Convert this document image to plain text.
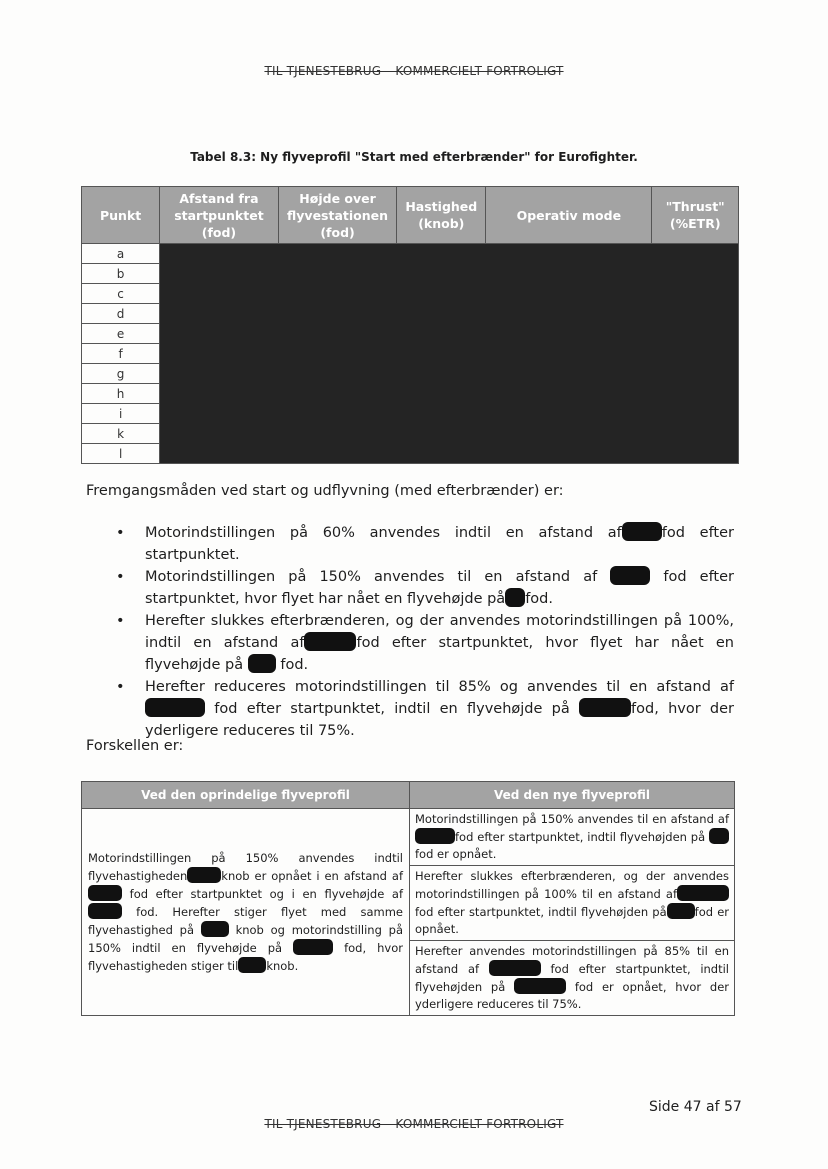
TIL TJENESTEBRUG – KOMMERCIELT FORTROLIGT
Tabel 8.3: Ny flyveprofil "Start med efterbrænder" for Eurofighter.
Punkt	Afstand fra startpunktet (fod)	Højde over flyvestationen (fod)	Hastighed (knob)	Operativ mode	"Thrust" (%ETR)
a					
b					
c					
d					
e					
f					
g					
h					
i					
k					
l					
Fremgangsmåden ved start og udflyvning (med efterbrænder) er:
• Motorindstillingen på 60% anvendes indtil en afstand af	fod efter startpunktet.
• Motorindstillingen på 150% anvendes til en afstand af	fod efter startpunktet, hvor flyet har nået en flyvehøjde på fod.
• Herefter slukkes efterbrænderen, og der anvendes motorindstillingen på 100%, indtil en afstand af	fod efter startpunktet, hvor flyet har nået en flyvehøjde på	fod.
• Herefter reduceres motorindstillingen til 85% og anvendes til en afstand af  fod efter startpunktet, indtil en flyvehøjde på	fod, hvor der yderligere reduceres til 75%.
Forskellen er:
Ved den oprindelige flyveprofil	Ved den nye flyveprofil
Motorindstillingen på 150% anvendes indtil flyvehastigheden knob er opnået i en afstand af fod efter startpunktet og i en flyvehøjde af  fod. Herefter stiger flyet med samme flyvehastighed på knob og motorindstilling på 150% indtil en flyvehøjde på fod, hvor flyvehastigheden stiger til knob.	Motorindstillingen på 150% anvendes til en afstand affod efter startpunktet, indtil flyvehøjden på fod er opnået.
	Herefter slukkes efterbrænderen, og der anvendes motorindstillingen på 100% til en afstand af fod efter startpunktet, indtil flyvehøjden på fod er opnået.
	Herefter anvendes motorindstillingen på 85% til en afstand af fod efter startpunktet, indtil flyvehøjden på fod er opnået, hvor der yderligere reduceres til 75%.
Side 47 af 57
TIL TJENESTEBRUG – KOMMERCIELT FORTROLIGT
